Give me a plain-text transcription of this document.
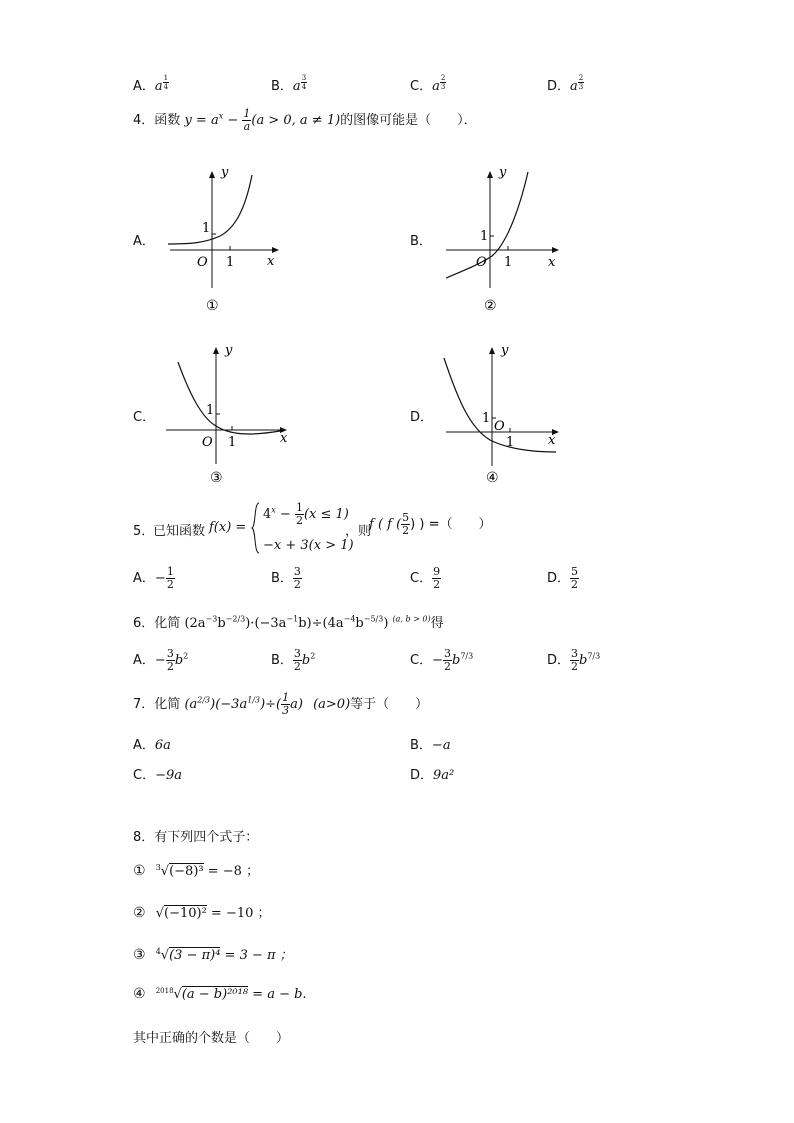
A．a $^{\frac{1}{4}}$	B．a $^{\frac{3}{4}}$	C．a $^{\frac{2}{3}}$	D．a $^{\frac{2}{3}}$
4．函数 $y = a^x - \frac{1}{a} (a > 0$, a ≠ 1)的图像可能是（　　）．
A．	B．
C．	D．
y
x
O 1
1
①
y
x
O 1
1
②
y
x
O 1
1
③
y
x
O
1
1
④
5．
已知函数 f(x) =
$4^x - \frac{1}{2} (x \le 1)$
−x + 3(x > 1)
，则
f ( f ( $\frac{5}{2}$ ) ) =（　　）
A．− $\frac{1}{2}$	B． $\frac{3}{2}$	C． $\frac{9}{2}$	D． $\frac{5}{2}$
6．化简 $(2a^{-3}b^{-2/3})\cdot(-3a^{-1}b)\div(4a^{-4}b^{-5/3})$ $^{(a, b > 0)}$得
A．− $\frac{3}{2} b^2$	B． $\frac{3}{2} b^2$	C．− $\frac{3}{2} b^{7/3}$	D． $\frac{3}{2} b^{7/3}$
7．化简 $(a^{2/3})(-3a^{1/3})\div( \frac{1}{3} a)$ (a>0)等于（　　）
A．6a	B．−a
C．−9a	D．9a²
8．有下列四个式子：
① $^3$√(−8)³ = −8 ；
② √(−10)² = −10 ；
③ $^4$√(3 − π)⁴ = 3 − π ；
④ $^{2018}$√(a − b)²⁰¹⁸ = a − b.
其中正确的个数是（　　）
